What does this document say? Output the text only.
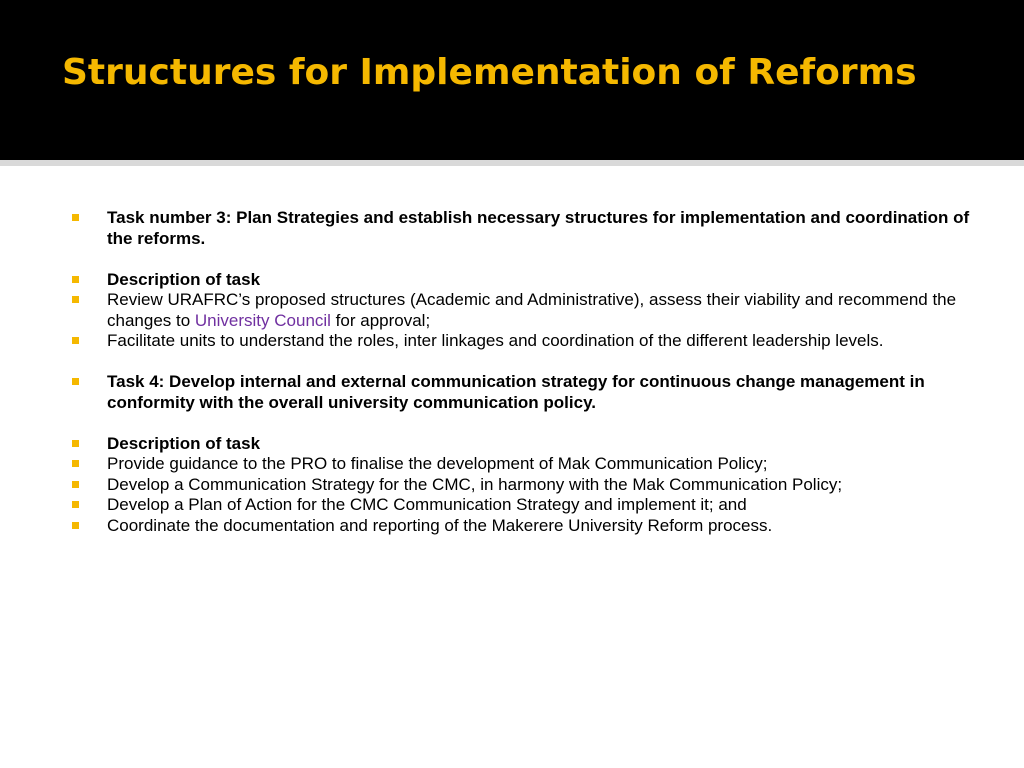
Structures for Implementation of Reforms
Task number 3: Plan Strategies and establish necessary structures for implementation and coordination of the reforms.
Description of task
Review URAFRC’s proposed structures (Academic and Administrative), assess their viability and recommend the changes to University Council for approval;
Facilitate units to understand the roles, inter linkages and coordination of the different leadership levels.
Task 4: Develop internal and external communication strategy for continuous change management in conformity with the overall university communication policy.
Description of task
Provide guidance to the PRO to finalise the development of Mak Communication Policy;
Develop a Communication Strategy for the CMC, in harmony with the Mak Communication Policy;
Develop a Plan of Action for the CMC Communication Strategy and implement it; and
Coordinate the documentation and reporting of the Makerere University Reform process.
